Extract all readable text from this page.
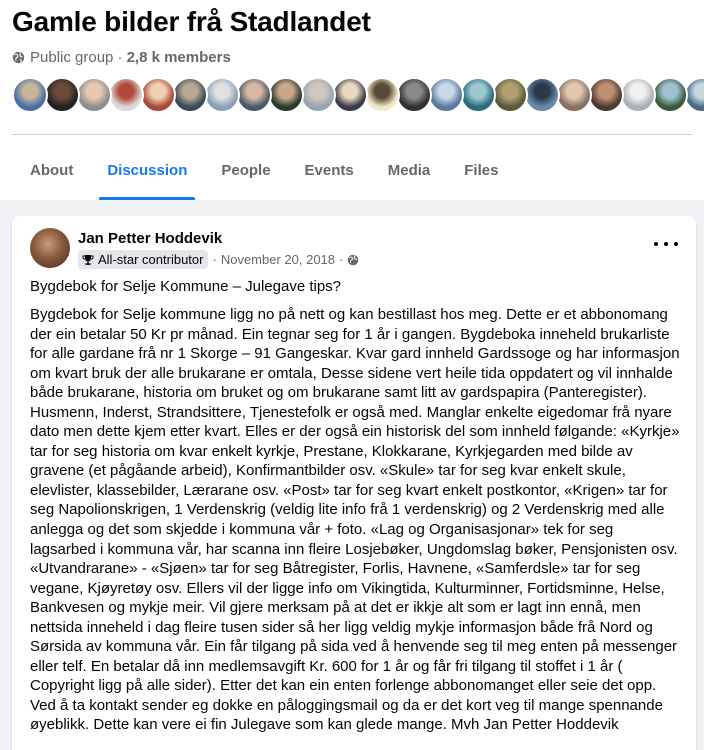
Gamle bilder frå Stadlandet
Public group · 2,8 k members
About	Discussion	People	Events	Media	Files
Jan Petter Hoddevik
All-star contributor · November 20, 2018 ·
Bygdebok for Selje Kommune – Julegave tips?
Bygdebok for Selje kommune ligg no på nett og kan bestillast hos meg. Dette er et abbonomang
der ein betalar 50 Kr pr månad. Ein tegnar seg for 1 år i gangen. Bygdeboka inneheld brukarliste
for alle gardane frå nr 1 Skorge – 91 Gangeskar. Kvar gard innheld Gardssoge og har informasjon
om kvart bruk der alle brukarane er omtala, Desse sidene vert heile tida oppdatert og vil innhalde
både brukarane, historia om bruket og om brukarane samt litt av gardspapira (Panteregister).
Husmenn, Inderst, Strandsittere, Tjenestefolk er også med. Manglar enkelte eigedomar frå nyare
dato men dette kjem etter kvart. Elles er der også ein historisk del som innheld følgande: «Kyrkje»
tar for seg historia om kvar enkelt kyrkje, Prestane, Klokkarane, Kyrkjegarden med bilde av
gravene (et pågåande arbeid), Konfirmantbilder osv. «Skule» tar for seg kvar enkelt skule,
elevlister, klassebilder, Lærarane osv. «Post» tar for seg kvart enkelt postkontor, «Krigen» tar for
seg Napolionskrigen, 1 Verdenskrig (veldig lite info frå 1 verdenskrig) og 2 Verdenskrig med alle
anlegga og det som skjedde i kommuna vår + foto. «Lag og Organisasjonar» tek for seg
lagsarbed i kommuna vår, har scanna inn fleire Losjebøker, Ungdomslag bøker, Pensjonisten osv.
«Utvandrarane» - «Sjøen» tar for seg Båtregister, Forlis, Havnene, «Samferdsle» tar for seg
vegane, Kjøyretøy osv. Ellers vil der ligge info om Vikingtida, Kulturminner, Fortidsminne, Helse,
Bankvesen og mykje meir. Vil gjere merksam på at det er ikkje alt som er lagt inn ennå, men
nettsida inneheld i dag fleire tusen sider så her ligg veldig mykje informasjon både frå Nord og
Sørsida av kommuna vår. Ein får tilgang på sida ved å henvende seg til meg enten på messenger
eller telf. En betalar då inn medlemsavgift Kr. 600 for 1 år og får fri tilgang til stoffet i 1 år (
Copyright ligg på alle sider). Etter det kan ein enten forlenge abbonomanget eller seie det opp.
Ved å ta kontakt sender eg dokke en påloggingsmail og da er det kort veg til mange spennande
øyeblikk. Dette kan vere ei fin Julegave som kan glede mange. Mvh Jan Petter Hoddevik
